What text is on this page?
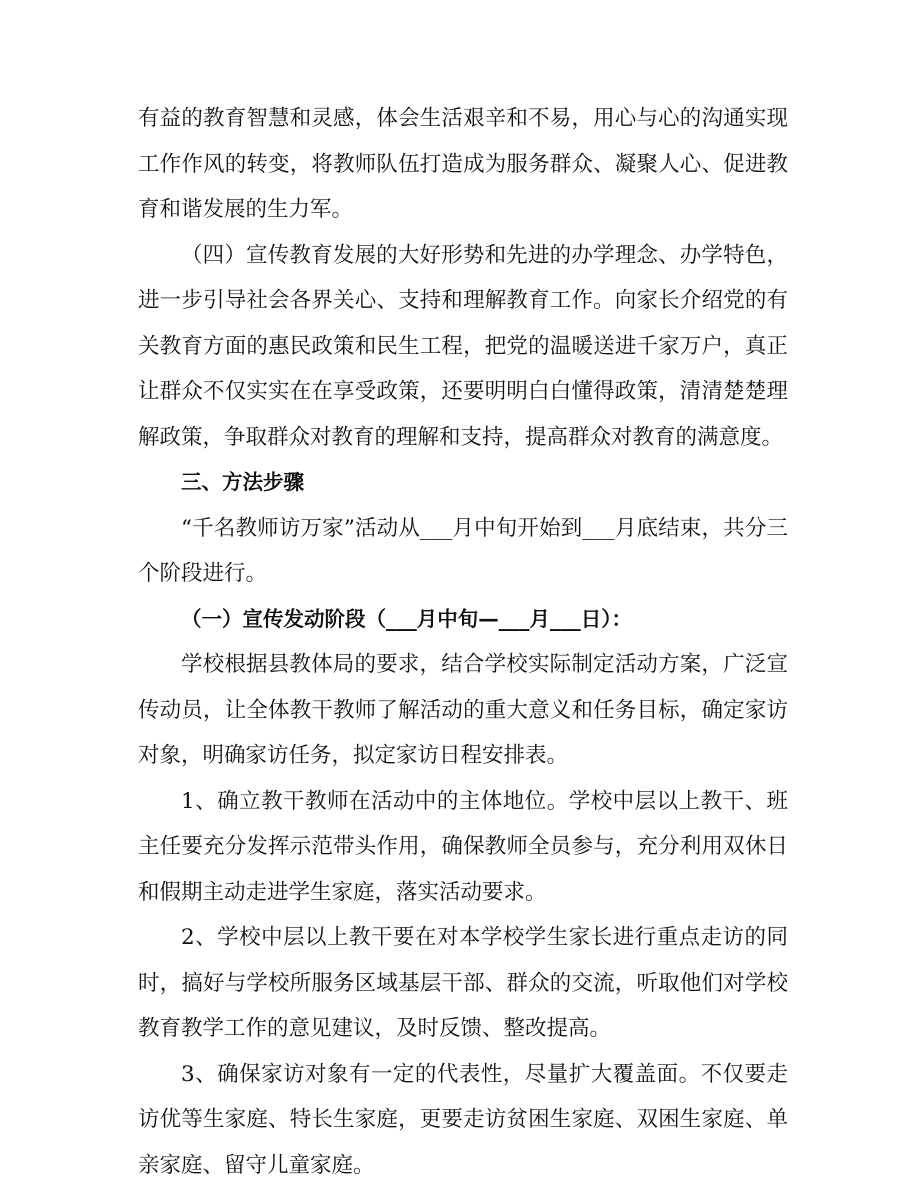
有益的教育智慧和灵感，体会生活艰辛和不易，用心与心的沟通实现工作作风的转变，将教师队伍打造成为服务群众、凝聚人心、促进教育和谐发展的生力军。

（四）宣传教育发展的大好形势和先进的办学理念、办学特色，进一步引导社会各界关心、支持和理解教育工作。向家长介绍党的有关教育方面的惠民政策和民生工程，把党的温暖送进千家万户，真正让群众不仅实实在在享受政策，还要明明白白懂得政策，清清楚楚理解政策，争取群众对教育的理解和支持，提高群众对教育的满意度。

三、方法步骤

“千名教师访万家”活动从___月中旬开始到___月底结束，共分三个阶段进行。

（一）宣传发动阶段（___月中旬—___月___日）：

学校根据县教体局的要求，结合学校实际制定活动方案，广泛宣传动员，让全体教干教师了解活动的重大意义和任务目标，确定家访对象，明确家访任务，拟定家访日程安排表。

1、确立教干教师在活动中的主体地位。学校中层以上教干、班主任要充分发挥示范带头作用，确保教师全员参与，充分利用双休日和假期主动走进学生家庭，落实活动要求。

2、学校中层以上教干要在对本学校学生家长进行重点走访的同时，搞好与学校所服务区域基层干部、群众的交流，听取他们对学校教育教学工作的意见建议，及时反馈、整改提高。

3、确保家访对象有一定的代表性，尽量扩大覆盖面。不仅要走访优等生家庭、特长生家庭，更要走访贫困生家庭、双困生家庭、单亲家庭、留守儿童家庭。
